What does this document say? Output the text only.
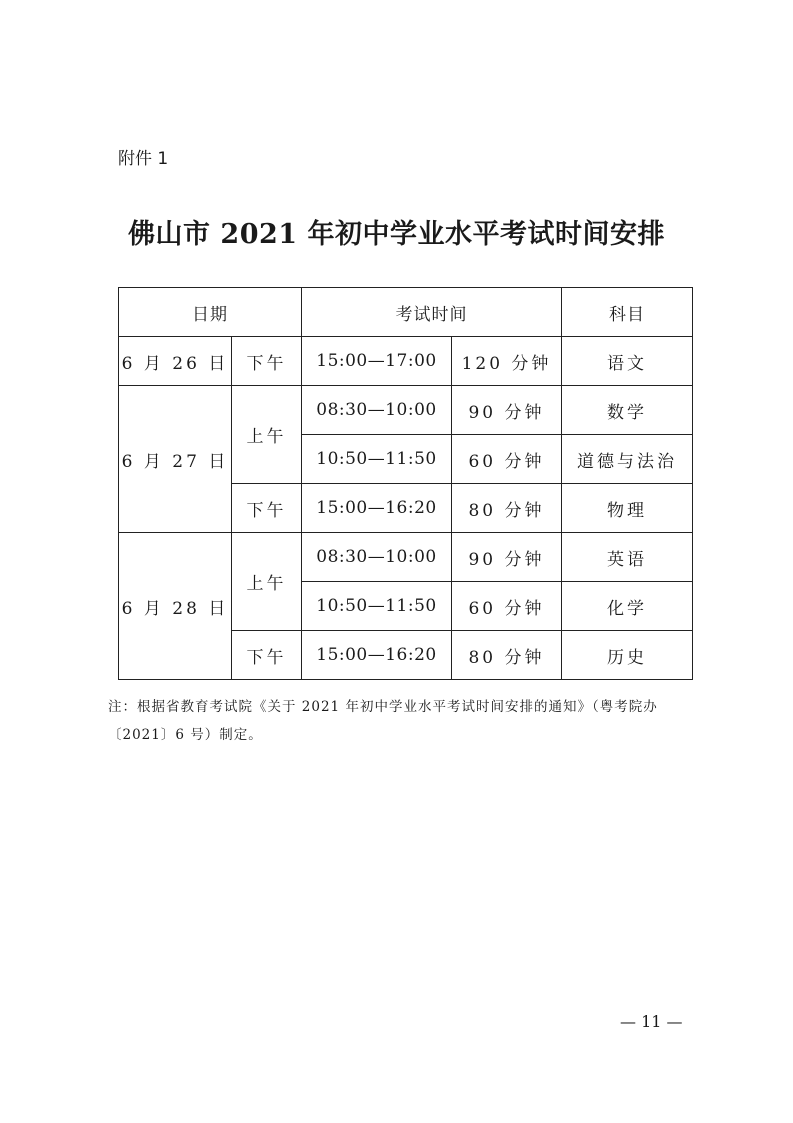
附件 1
佛山市 2021 年初中学业水平考试时间安排
日期		考试时间		科目
6 月 26 日	下午	15:00—17:00	120 分钟	语文
6 月 27 日	上午	08:30—10:00	90 分钟	数学
		10:50—11:50	60 分钟	道德与法治
	下午	15:00—16:20	80 分钟	物理
6 月 28 日	上午	08:30—10:00	90 分钟	英语
		10:50—11:50	60 分钟	化学
	下午	15:00—16:20	80 分钟	历史
注：根据省教育考试院《关于 2021 年初中学业水平考试时间安排的通知》（粤考院办〔2021〕6 号）制定。
— 11 —
